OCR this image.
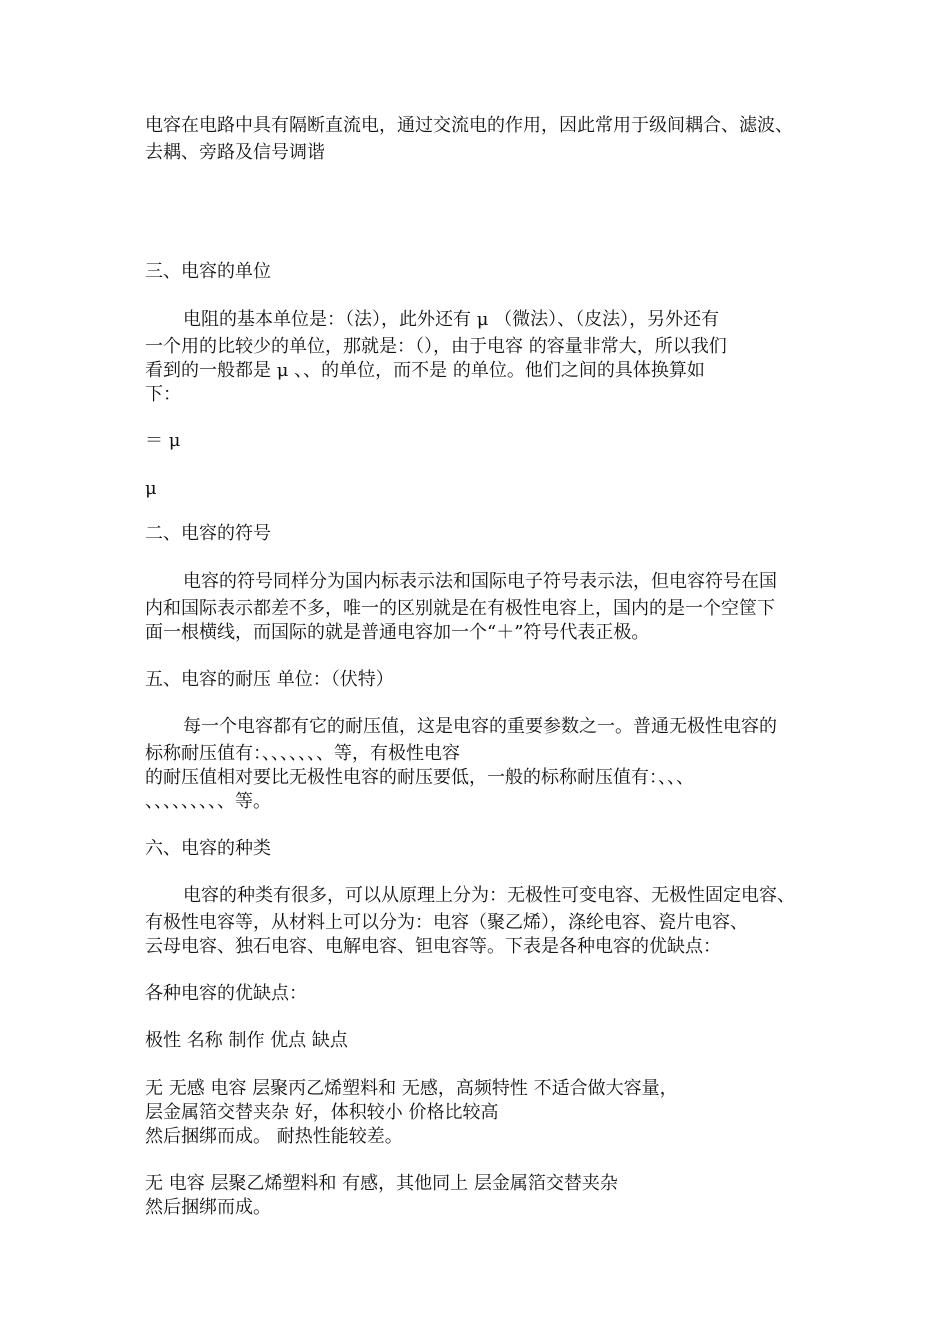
电容在电路中具有隔断直流电，通过交流电的作用，因此常用于级间耦合、滤波、
去耦、旁路及信号调谐
三、电容的单位
电阻的基本单位是：（法），此外还有 μ （微法）、（皮法），另外还有
一个用的比较少的单位，那就是：（），由于电容 的容量非常大，所以我们
看到的一般都是 μ 、、的单位，而不是 的单位。他们之间的具体换算如
下：
＝ μ
μ
二、电容的符号
电容的符号同样分为国内标表示法和国际电子符号表示法，但电容符号在国
内和国际表示都差不多，唯一的区别就是在有极性电容上，国内的是一个空筐下
面一根横线，而国际的就是普通电容加一个“＋”符号代表正极。
五、电容的耐压 单位：（伏特）
每一个电容都有它的耐压值，这是电容的重要参数之一。普通无极性电容的
标称耐压值有：、、、、、、、等，有极性电容
的耐压值相对要比无极性电容的耐压要低，一般的标称耐压值有：、、、
、、、、、、、、、等。
六、电容的种类
电容的种类有很多，可以从原理上分为：无极性可变电容、无极性固定电容、
有极性电容等，从材料上可以分为：电容（聚乙烯），涤纶电容、瓷片电容、
云母电容、独石电容、电解电容、钽电容等。下表是各种电容的优缺点：
各种电容的优缺点：
极性 名称 制作 优点 缺点
无 无感 电容 层聚丙乙烯塑料和 无感，高频特性 不适合做大容量，
层金属箔交替夹杂 好，体积较小 价格比较高
然后捆绑而成。 耐热性能较差。
无 电容 层聚乙烯塑料和 有感，其他同上 层金属箔交替夹杂
然后捆绑而成。
